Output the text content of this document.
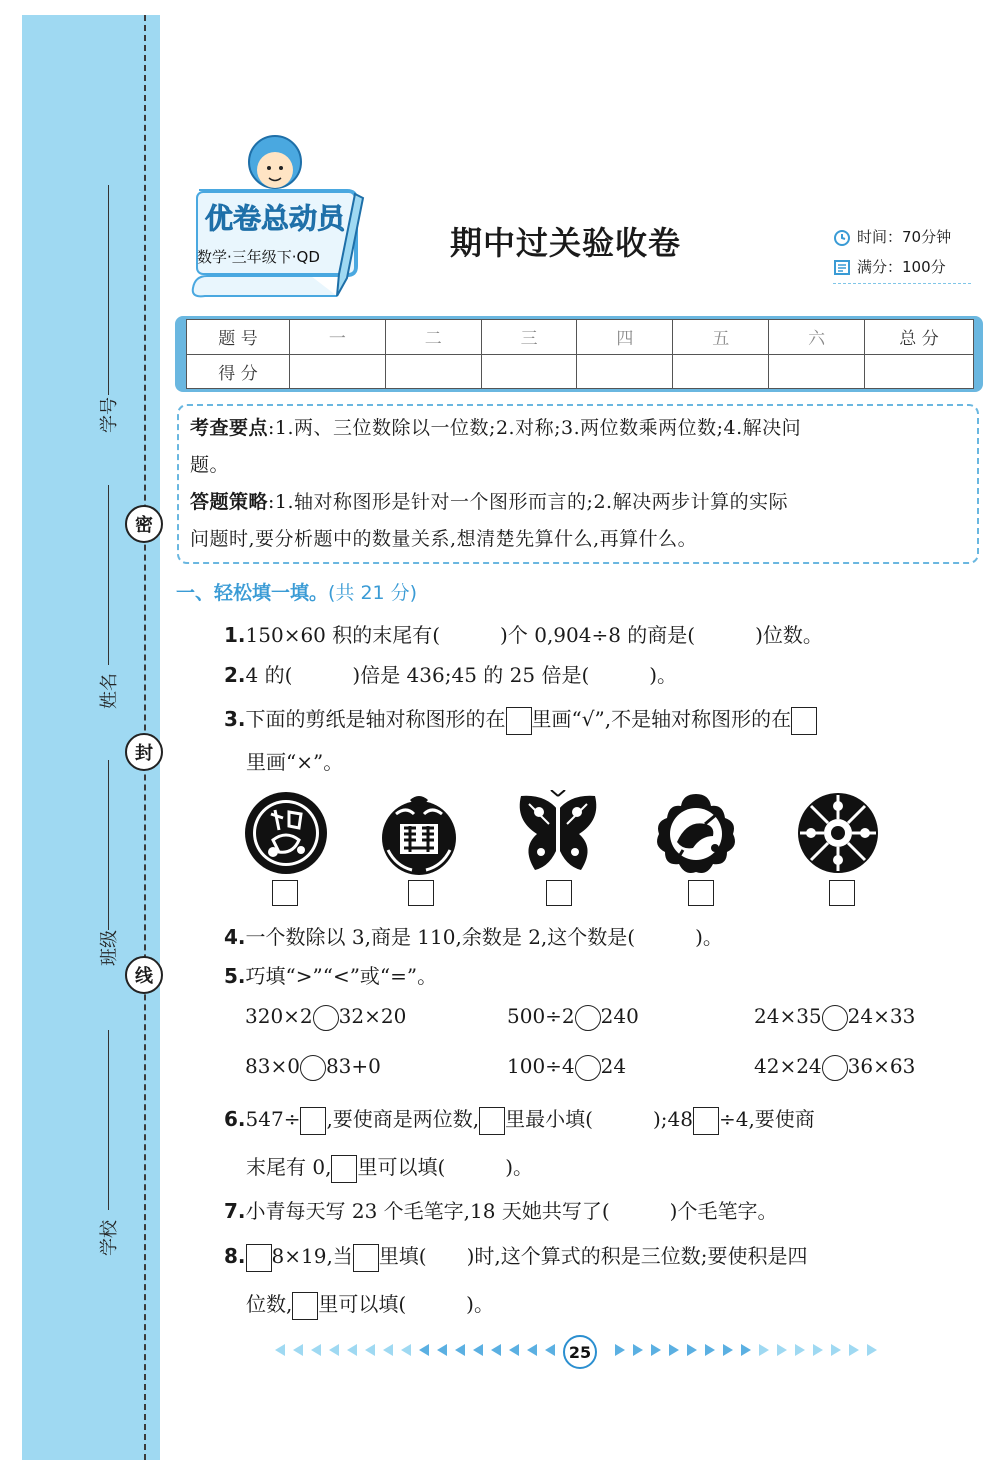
学号
姓名
班级
学校
密
封
线
优卷总动员
数学·三年级下·QD	期中过关验收卷	时间：70分钟
满分：100分
题 号	一	二	三	四	五	六	总 分
得 分							
考查要点:1.两、三位数除以一位数;2.对称;3.两位数乘两位数;4.解决问
题。
答题策略:1.轴对称图形是针对一个图形而言的;2.解决两步计算的实际
问题时,要分析题中的数量关系,想清楚先算什么,再算什么。
一、轻松填一填。(共 21 分)
1.150×60 积的末尾有(　　　)个 0,904÷8 的商是(　　　)位数。
2.4 的(　　　)倍是 436;45 的 25 倍是(　　　)。
3.下面的剪纸是轴对称图形的在 里画“√”,不是轴对称图形的在
里画“×”。
4.一个数除以 3,商是 110,余数是 2,这个数是(　　　)。
5.巧填“>”“<”或“=”。
320×2 32×20	500÷2 240	24×35 24×33
83×0 83+0	100÷4 24	42×24 36×63
6.547÷ ,要使商是两位数, 里最小填(　　　);48 ÷4,要使商
末尾有 0, 里可以填(　　　)。
7.小青每天写 23 个毛笔字,18 天她共写了(　　　)个毛笔字。
8. 8×19,当 里填(　　)时,这个算式的积是三位数;要使积是四
位数, 里可以填(　　　)。
25
